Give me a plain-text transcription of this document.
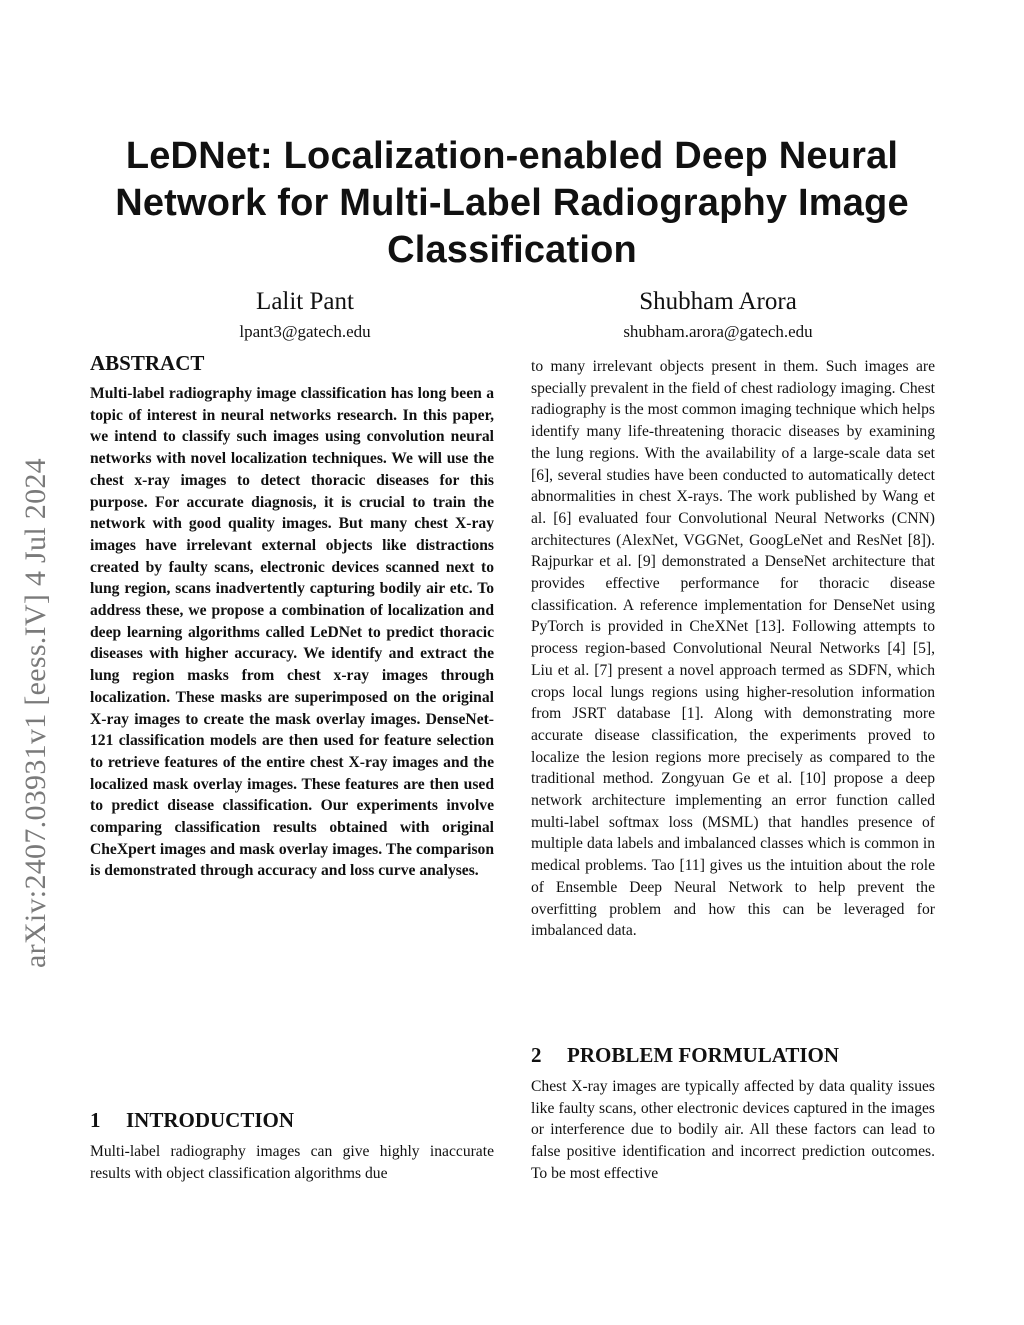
arXiv:2407.03931v1 [eess.IV] 4 Jul 2024
LeDNet: Localization-enabled Deep Neural Network for Multi-Label Radiography Image Classification
Lalit Pant
lpant3@gatech.edu
Shubham Arora
shubham.arora@gatech.edu
ABSTRACT

Multi-label radiography image classification has long been a topic of interest in neural networks research. In this paper, we intend to classify such images using convolution neural networks with novel localization techniques. We will use the chest x-ray images to detect thoracic diseases for this purpose. For accurate diagnosis, it is crucial to train the network with good quality images. But many chest X-ray images have irrelevant external objects like distractions created by faulty scans, electronic devices scanned next to lung region, scans inadvertently capturing bodily air etc. To address these, we propose a combination of localization and deep learning algorithms called LeDNet to predict thoracic diseases with higher accuracy. We identify and extract the lung region masks from chest x-ray images through localization. These masks are superimposed on the original X-ray images to create the mask overlay images. DenseNet-121 classification models are then used for feature selection to retrieve features of the entire chest X-ray images and the localized mask overlay images. These features are then used to predict disease classification. Our experiments involve comparing classification results obtained with original CheXpert images and mask overlay images. The comparison is demonstrated through accuracy and loss curve analyses.

1 INTRODUCTION

Multi-label radiography images can give highly inaccurate results with object classification algorithms due

to many irrelevant objects present in them. Such images are specially prevalent in the field of chest radiology imaging. Chest radiography is the most common imaging technique which helps identify many life-threatening thoracic diseases by examining the lung regions. With the availability of a large-scale data set [6], several studies have been conducted to automatically detect abnormalities in chest X-rays. The work published by Wang et al. [6] evaluated four Convolutional Neural Networks (CNN) architectures (AlexNet, VGGNet, GoogLeNet and ResNet [8]). Rajpurkar et al. [9] demonstrated a DenseNet architecture that provides effective performance for thoracic disease classification. A reference implementation for DenseNet using PyTorch is provided in CheXNet [13]. Following attempts to process region-based Convolutional Neural Networks [4] [5], Liu et al. [7] present a novel approach termed as SDFN, which crops local lungs regions using higher-resolution information from JSRT database [1]. Along with demonstrating more accurate disease classification, the experiments proved to localize the lesion regions more precisely as compared to the traditional method. Zongyuan Ge et al. [10] propose a deep network architecture implementing an error function called multi-label softmax loss (MSML) that handles presence of multiple data labels and imbalanced classes which is common in medical problems. Tao [11] gives us the intuition about the role of Ensemble Deep Neural Network to help prevent the overfitting problem and how this can be leveraged for imbalanced data.

2 PROBLEM FORMULATION

Chest X-ray images are typically affected by data quality issues like faulty scans, other electronic devices captured in the images or interference due to bodily air. All these factors can lead to false positive identification and incorrect prediction outcomes. To be most effective
